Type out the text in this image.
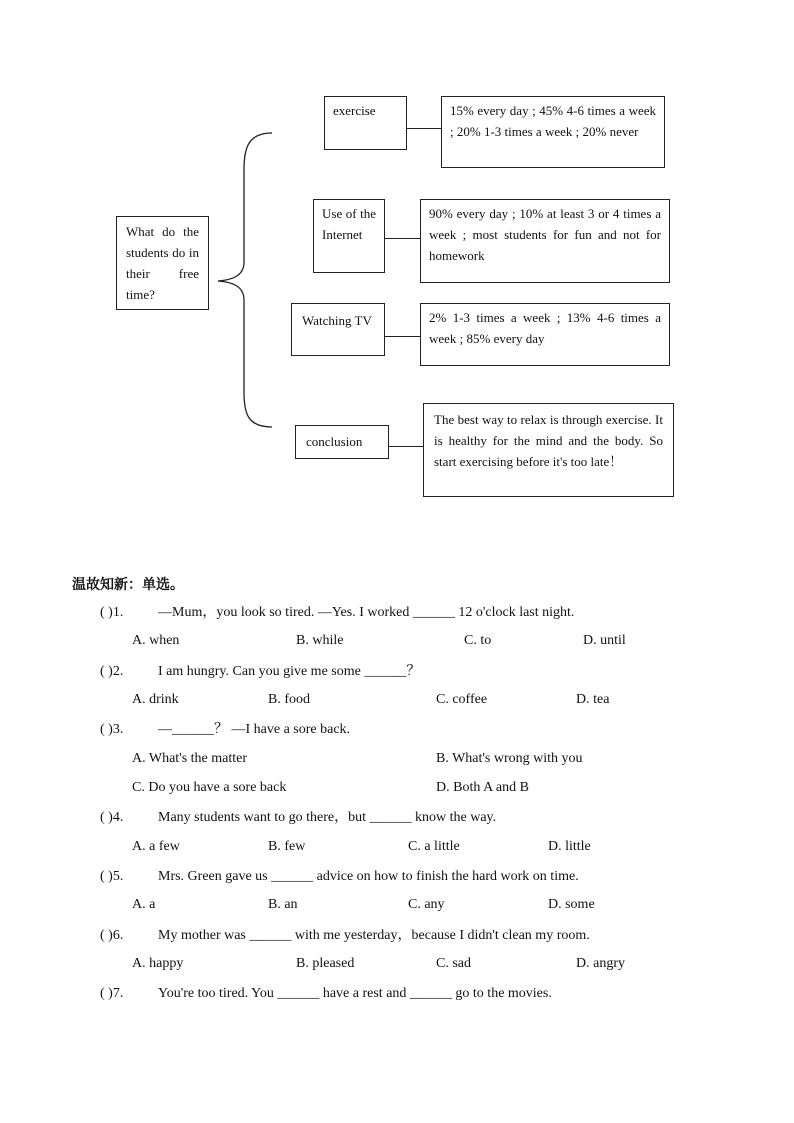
What do the students do in their free time?
exercise	15% every day ; 45% 4-6 times a week ; 20% 1-3 times a week ; 20% never
Use of the Internet
90% every day ; 10% at least 3 or 4 times a week ; most students for fun and not for homework
Watching TV	2% 1-3 times a week ; 13% 4-6 times a week ; 85% every day
conclusion
The best way to relax is through exercise. It is healthy for the mind and the body. So start exercising before it's too late！
温故知新：单选。
( )1. —Mum，you look so tired. —Yes. I worked ______ 12 o'clock last night.
A. when	B. while	C. to	D. until
( )2. I am hungry. Can you give me some ______？
A. drink	B. food	C. coffee	D. tea
( )3. —______？ —I have a sore back.
A. What's the matter	B. What's wrong with you
C. Do you have a sore back	D. Both A and B
( )4. Many students want to go there，but ______ know the way.
A. a few	B. few	C. a little	D. little
( )5. Mrs. Green gave us ______ advice on how to finish the hard work on time.
A. a	B. an	C. any	D. some
( )6. My mother was ______ with me yesterday，because I didn't clean my room.
A. happy	B. pleased	C. sad	D. angry
( )7. You're too tired. You ______ have a rest and ______ go to the movies.
